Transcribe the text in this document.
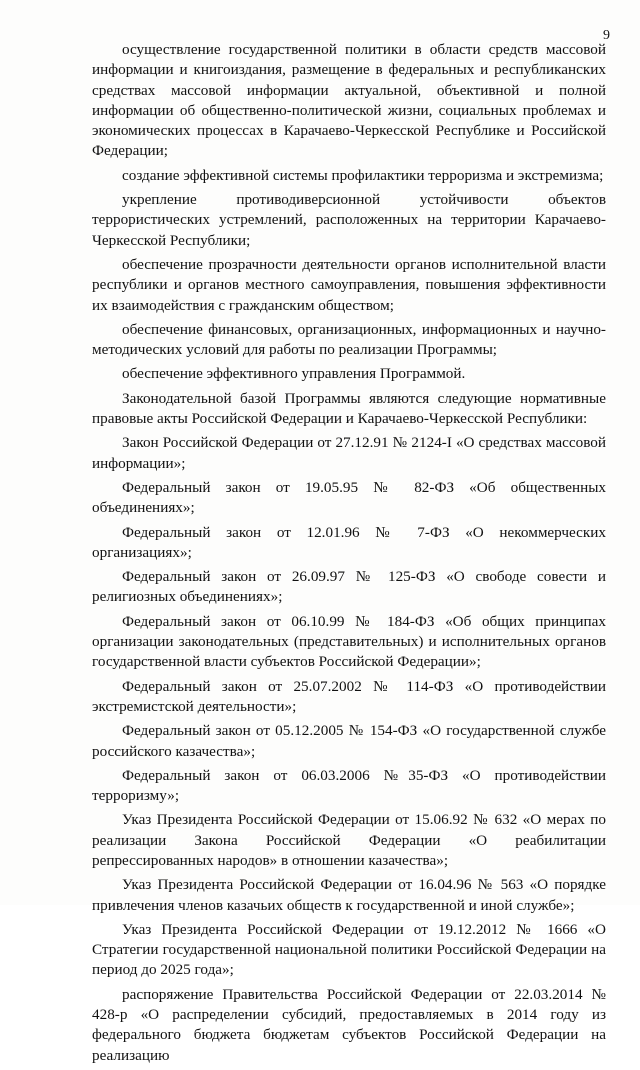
9

осуществление государственной политики в области средств массовой информации и книгоиздания, размещение в федеральных и республиканских средствах массовой информации актуальной, объективной и полной информации об общественно-политической жизни, социальных проблемах и экономических процессах в Карачаево-Черкесской Республике и Российской Федерации;

создание эффективной системы профилактики терроризма и экстремизма;

укрепление противодиверсионной устойчивости объектов террористических устремлений, расположенных на территории Карачаево-Черкесской Республики;

обеспечение прозрачности деятельности органов исполнительной власти республики и органов местного самоуправления, повышения эффективности их взаимодействия с гражданским обществом;

обеспечение финансовых, организационных, информационных и научно-методических условий для работы по реализации Программы;

обеспечение эффективного управления Программой.

Законодательной базой Программы являются следующие нормативные правовые акты Российской Федерации и Карачаево-Черкесской Республики:

Закон Российской Федерации от 27.12.91 № 2124-I «О средствах массовой информации»;

Федеральный закон от 19.05.95 № 82-ФЗ «Об общественных объединениях»;

Федеральный закон от 12.01.96 № 7-ФЗ «О некоммерческих организациях»;

Федеральный закон от 26.09.97 № 125-ФЗ «О свободе совести и религиозных объединениях»;

Федеральный закон от 06.10.99 № 184-ФЗ «Об общих принципах организации законодательных (представительных) и исполнительных органов государственной власти субъектов Российской Федерации»;

Федеральный закон от 25.07.2002 № 114-ФЗ «О противодействии экстремистской деятельности»;

Федеральный закон от 05.12.2005 № 154-ФЗ «О государственной службе российского казачества»;

Федеральный закон от 06.03.2006 №35-ФЗ «О противодействии терроризму»;

Указ Президента Российской Федерации от 15.06.92 № 632 «О мерах по реализации Закона Российской Федерации «О реабилитации репрессированных народов» в отношении казачества»;

Указ Президента Российской Федерации от 16.04.96 № 563 «О порядке привлечения членов казачьих обществ к государственной и иной службе»;

Указ Президента Российской Федерации от 19.12.2012 № 1666 «О Стратегии государственной национальной политики Российской Федерации на период до 2025 года»;

распоряжение Правительства Российской Федерации от 22.03.2014 № 428-р «О распределении субсидий, предоставляемых в 2014 году из федерального бюджета бюджетам субъектов Российской Федерации на реализацию
